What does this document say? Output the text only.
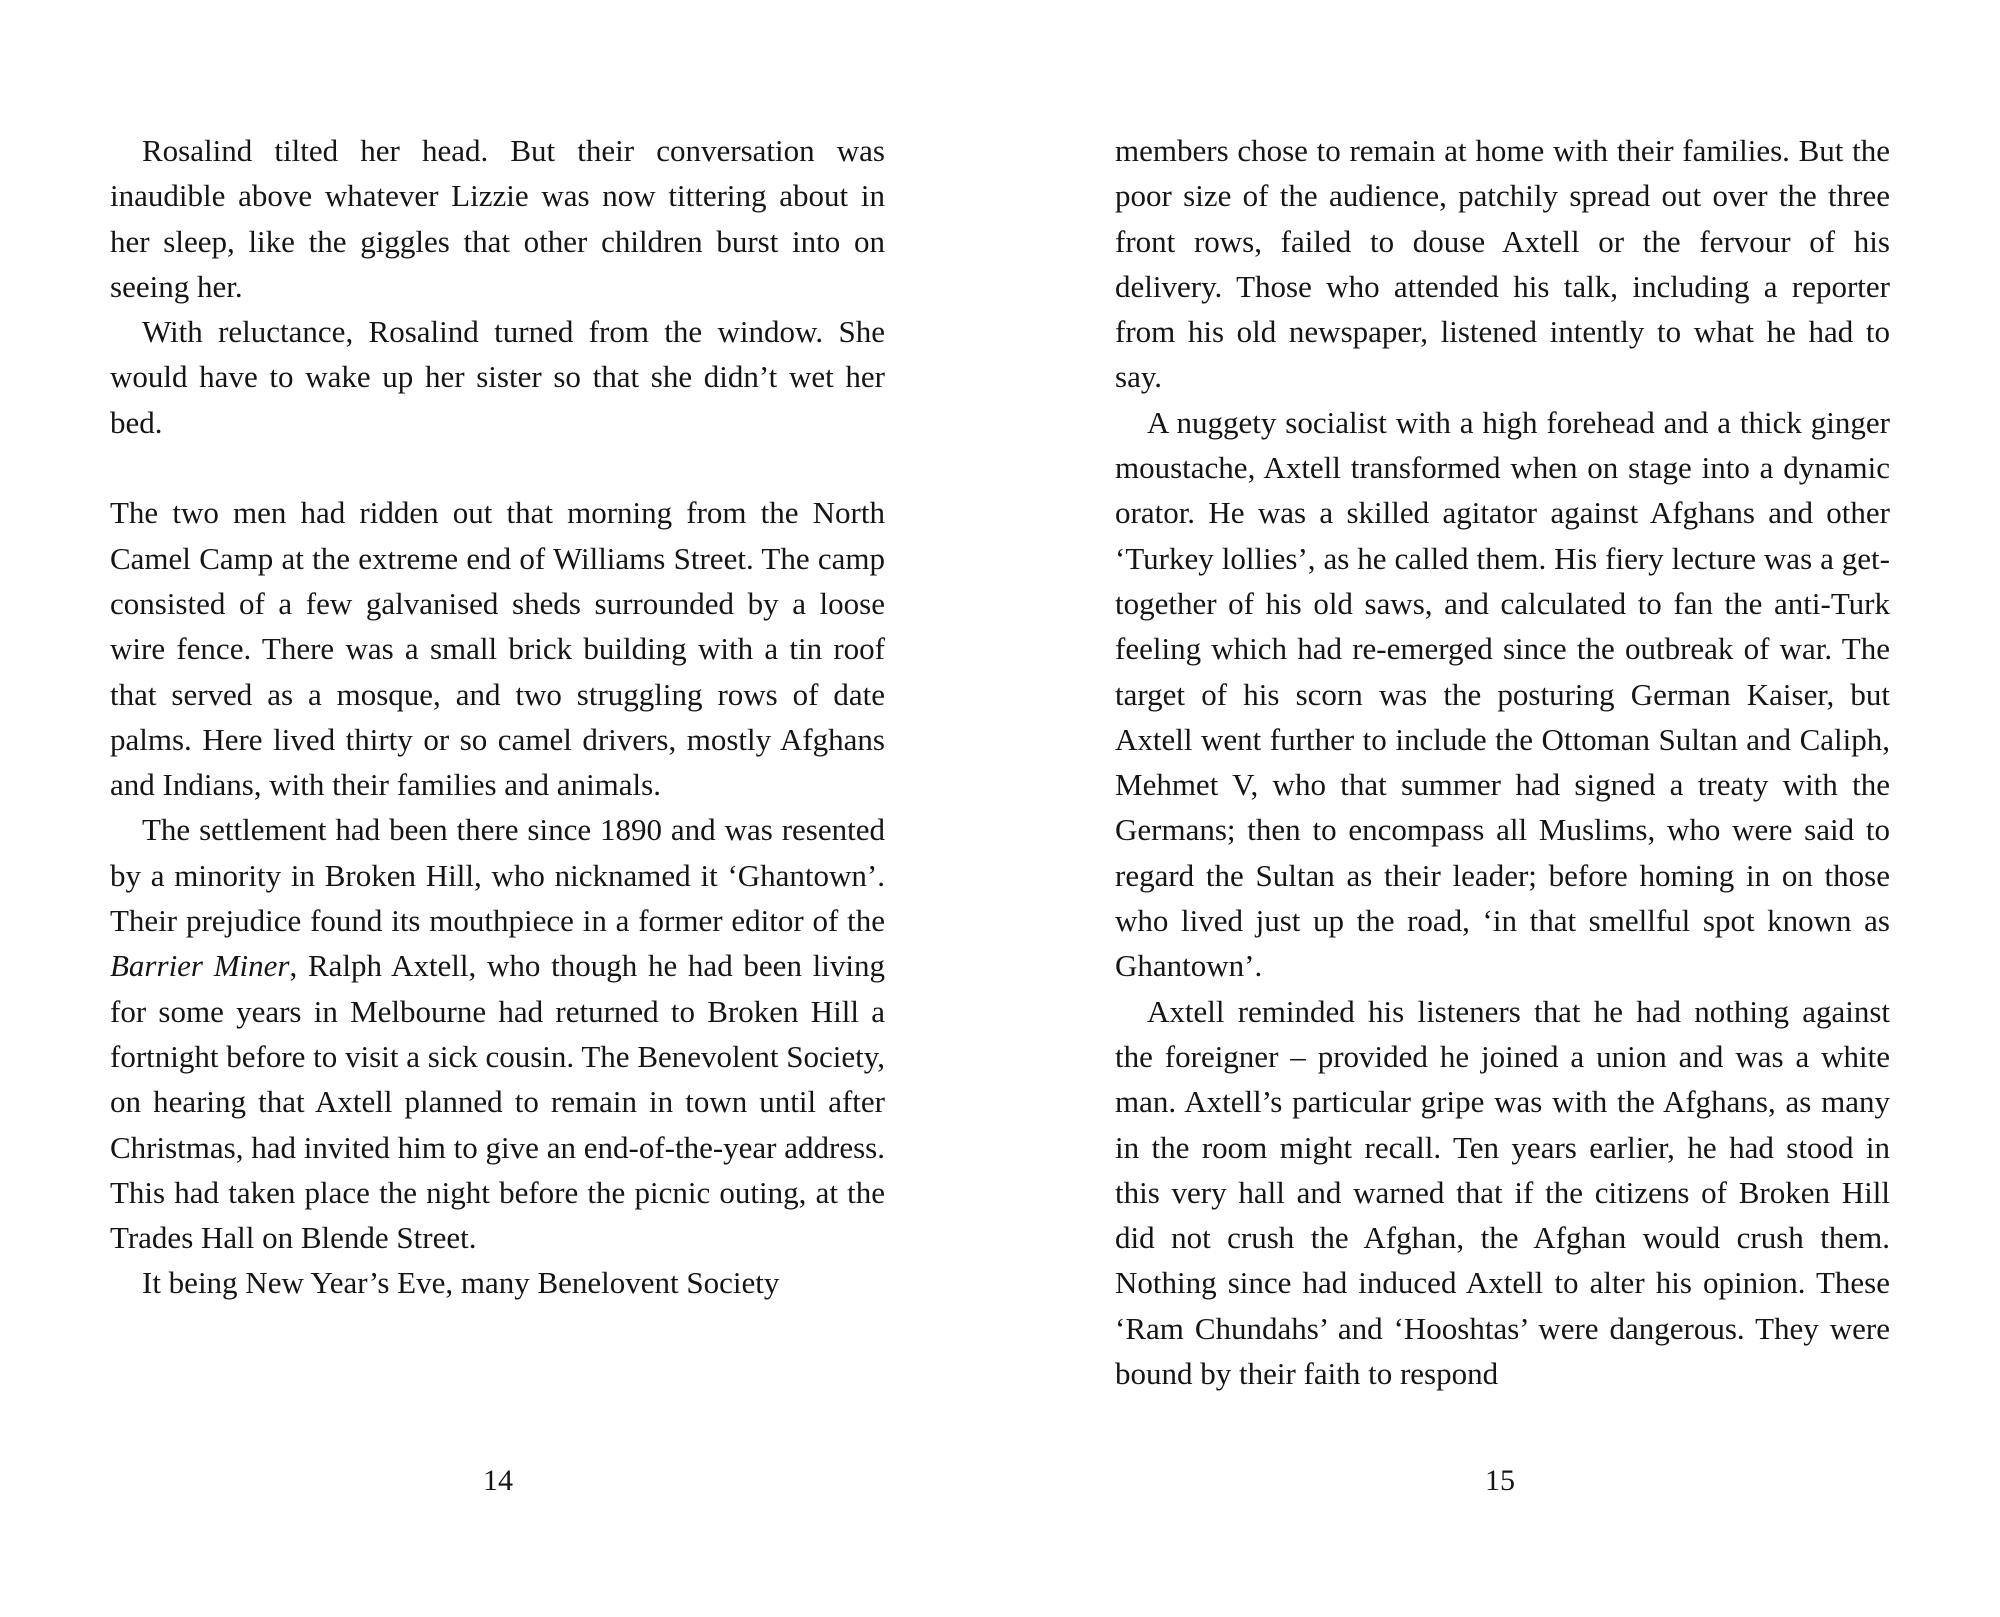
Rosalind tilted her head. But their conversation was inaudible above whatever Lizzie was now tittering about in her sleep, like the giggles that other children burst into on seeing her.

With reluctance, Rosalind turned from the window. She would have to wake up her sister so that she didn’t wet her bed.

The two men had ridden out that morning from the North Camel Camp at the extreme end of Williams Street. The camp consisted of a few galvanised sheds surrounded by a loose wire fence. There was a small brick building with a tin roof that served as a mosque, and two struggling rows of date palms. Here lived thirty or so camel drivers, mostly Afghans and Indians, with their families and animals.

The settlement had been there since 1890 and was resented by a minority in Broken Hill, who nicknamed it ‘Ghantown’. Their prejudice found its mouthpiece in a former editor of the Barrier Miner, Ralph Axtell, who though he had been living for some years in Melbourne had returned to Broken Hill a fortnight before to visit a sick cousin. The Benevolent Society, on hearing that Axtell planned to remain in town until after Christmas, had invited him to give an end-of-the-year address. This had taken place the night before the picnic outing, at the Trades Hall on Blende Street.

It being New Year’s Eve, many Benelovent Society

14

members chose to remain at home with their families. But the poor size of the audience, patchily spread out over the three front rows, failed to douse Axtell or the fervour of his delivery. Those who attended his talk, including a reporter from his old newspaper, listened intently to what he had to say.

A nuggety socialist with a high forehead and a thick ginger moustache, Axtell transformed when on stage into a dynamic orator. He was a skilled agitator against Afghans and other ‘Turkey lollies’, as he called them. His fiery lecture was a get-together of his old saws, and calculated to fan the anti-Turk feeling which had re-emerged since the outbreak of war. The target of his scorn was the posturing German Kaiser, but Axtell went further to include the Ottoman Sultan and Caliph, Mehmet V, who that summer had signed a treaty with the Germans; then to encompass all Muslims, who were said to regard the Sultan as their leader; before homing in on those who lived just up the road, ‘in that smellful spot known as Ghantown’.

Axtell reminded his listeners that he had nothing against the foreigner – provided he joined a union and was a white man. Axtell’s particular gripe was with the Afghans, as many in the room might recall. Ten years earlier, he had stood in this very hall and warned that if the citizens of Broken Hill did not crush the Afghan, the Afghan would crush them. Nothing since had induced Axtell to alter his opinion. These ‘Ram Chundahs’ and ‘Hooshtas’ were dangerous. They were bound by their faith to respond

15
